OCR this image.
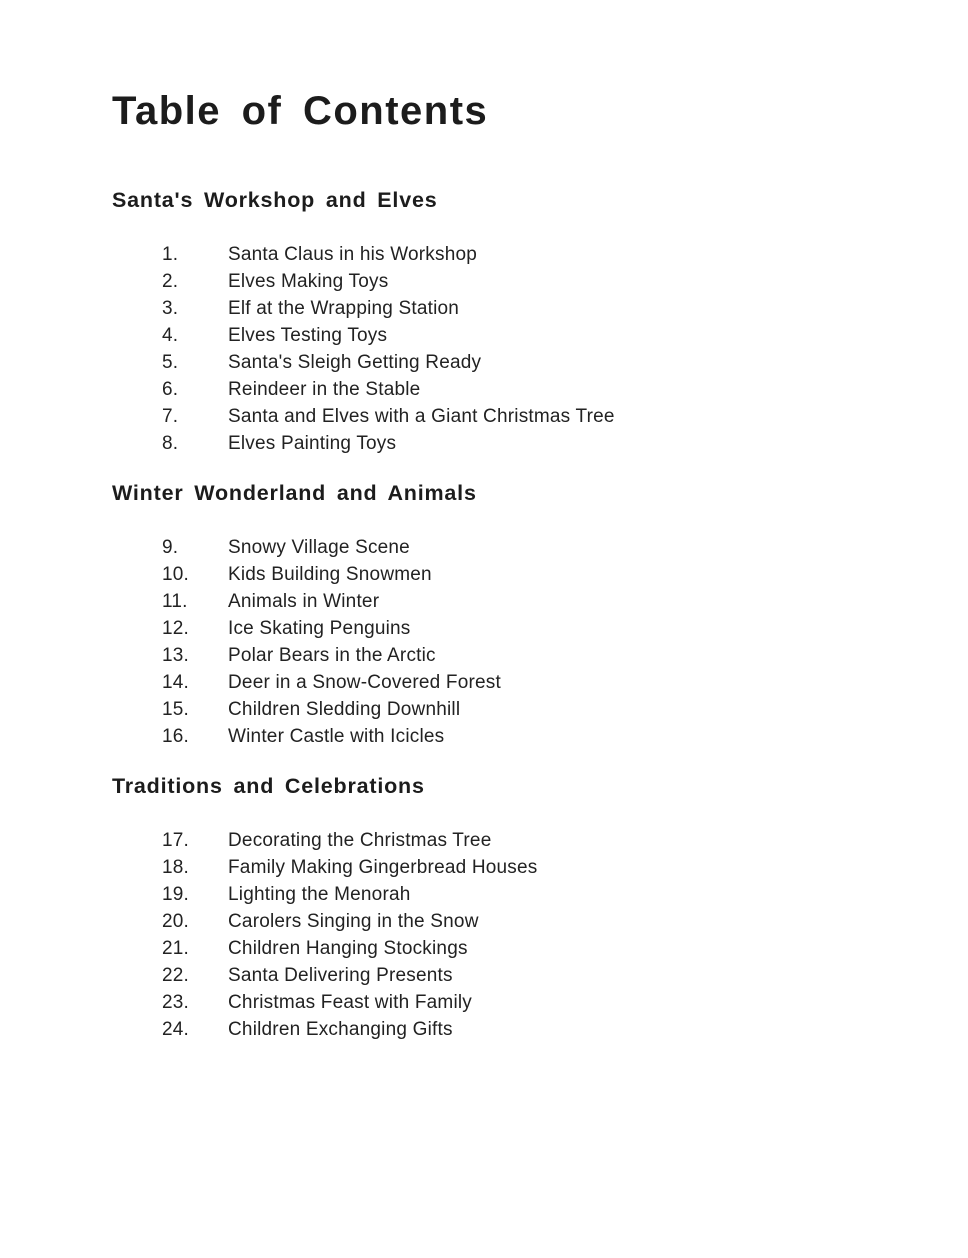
Table of Contents
Santa's Workshop and Elves
1.	Santa Claus in his Workshop
2.	Elves Making Toys
3.	Elf at the Wrapping Station
4.	Elves Testing Toys
5.	Santa's Sleigh Getting Ready
6.	Reindeer in the Stable
7.	Santa and Elves with a Giant Christmas Tree
8.	Elves Painting Toys
Winter Wonderland and Animals
9.	Snowy Village Scene
10.	Kids Building Snowmen
11.	Animals in Winter
12.	Ice Skating Penguins
13.	Polar Bears in the Arctic
14.	Deer in a Snow-Covered Forest
15.	Children Sledding Downhill
16.	Winter Castle with Icicles
Traditions and Celebrations
17.	Decorating the Christmas Tree
18.	Family Making Gingerbread Houses
19.	Lighting the Menorah
20.	Carolers Singing in the Snow
21.	Children Hanging Stockings
22.	Santa Delivering Presents
23.	Christmas Feast with Family
24.	Children Exchanging Gifts
